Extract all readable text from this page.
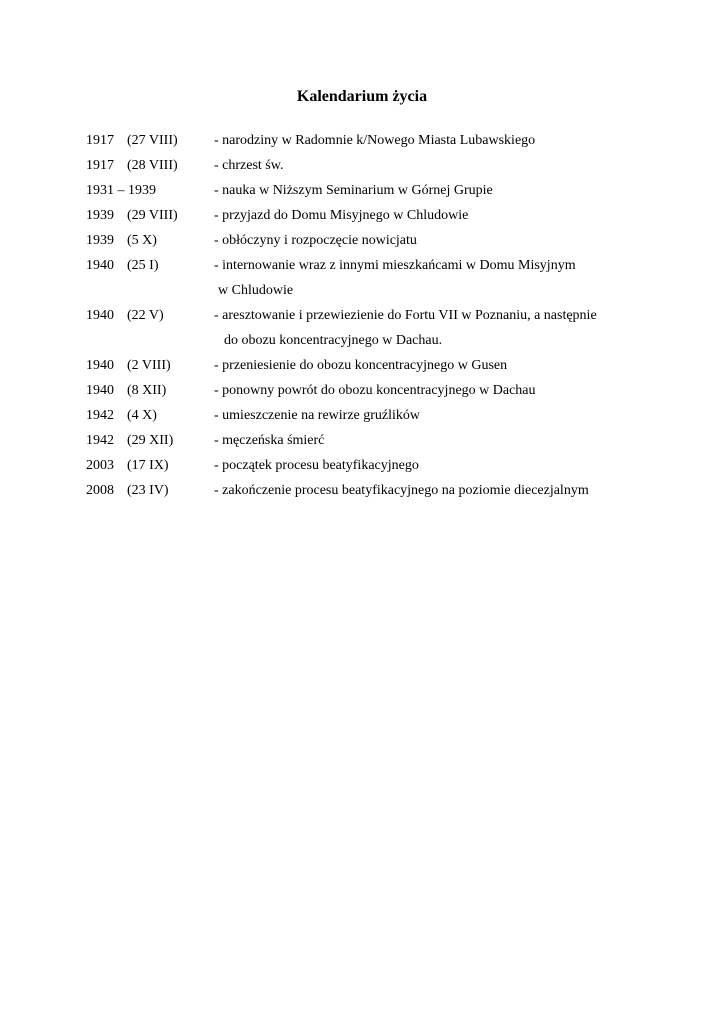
Kalendarium życia
1917 (27 VIII)	- narodziny w Radomnie k/Nowego Miasta Lubawskiego
1917 (28 VIII)	- chrzest św.
1931 – 1939	- nauka w Niższym Seminarium w Górnej Grupie
1939 (29 VIII)	- przyjazd do Domu Misyjnego w Chludowie
1939 (5 X)	- obłóczyny i rozpoczęcie nowicjatu
1940 (25 I)	- internowanie wraz z innymi mieszkańcami w Domu Misyjnym
w Chludowie
1940 (22 V)	- aresztowanie i przewiezienie do Fortu VII w Poznaniu, a następnie
do obozu koncentracyjnego w Dachau.
1940 (2 VIII)	- przeniesienie do obozu koncentracyjnego w Gusen
1940 (8 XII)	- ponowny powrót do obozu koncentracyjnego w Dachau
1942 (4 X)	- umieszczenie na rewirze gruźlików
1942 (29 XII)	- męczeńska śmierć
2003 (17 IX)	- początek procesu beatyfikacyjnego
2008 (23 IV)	- zakończenie procesu beatyfikacyjnego na poziomie diecezjalnym
